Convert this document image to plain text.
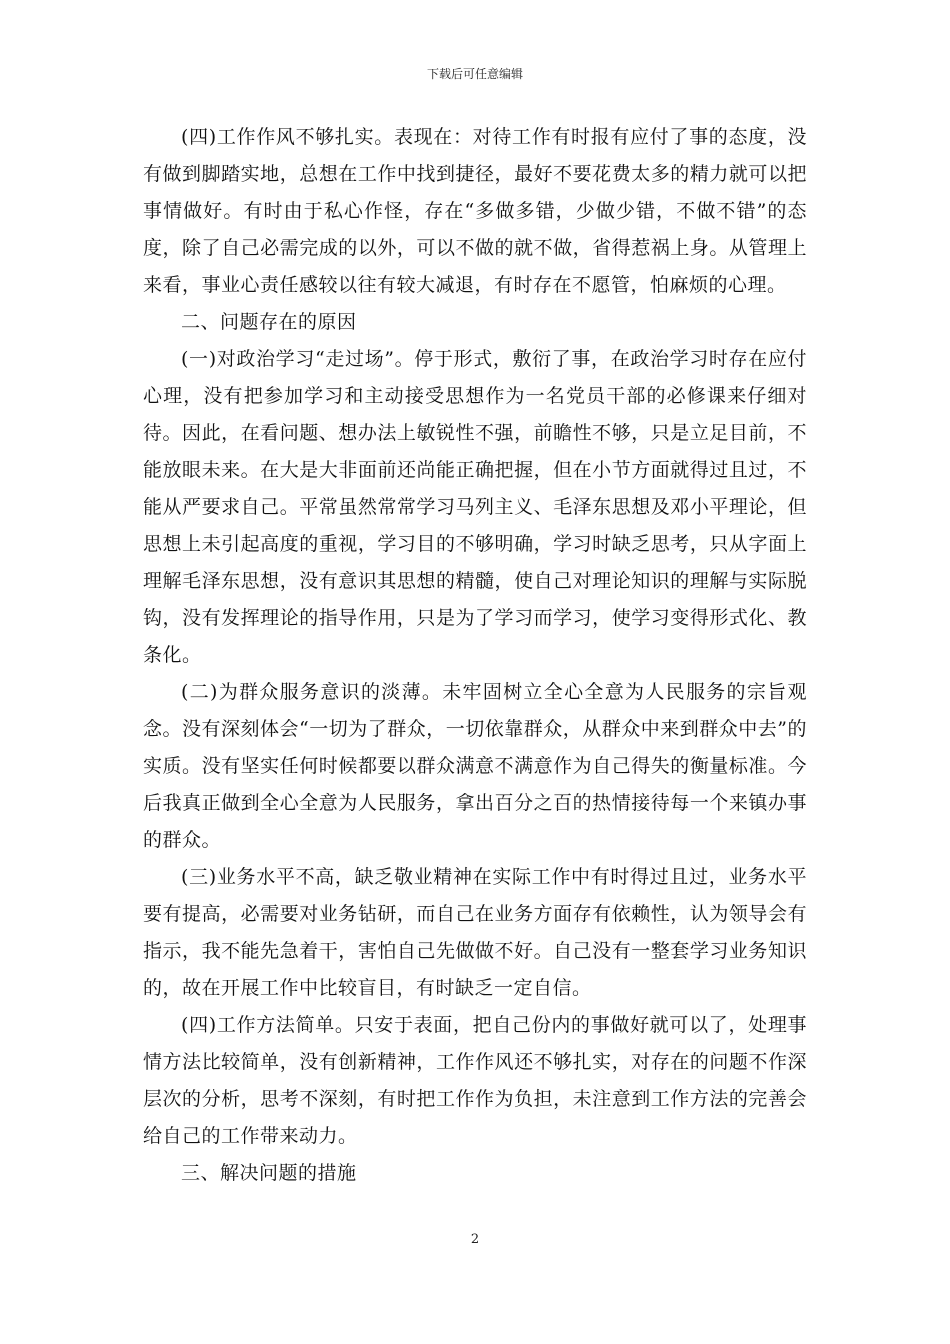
下载后可任意编辑

(四)工作作风不够扎实。表现在：对待工作有时报有应付了事的态度，没有做到脚踏实地，总想在工作中找到捷径，最好不要花费太多的精力就可以把事情做好。有时由于私心作怪，存在“多做多错，少做少错，不做不错”的态度，除了自己必需完成的以外，可以不做的就不做，省得惹祸上身。从管理上来看，事业心责任感较以往有较大减退，有时存在不愿管，怕麻烦的心理。

二、问题存在的原因

(一)对政治学习“走过场”。停于形式，敷衍了事，在政治学习时存在应付心理，没有把参加学习和主动接受思想作为一名党员干部的必修课来仔细对待。因此，在看问题、想办法上敏锐性不强，前瞻性不够，只是立足目前，不能放眼未来。在大是大非面前还尚能正确把握，但在小节方面就得过且过，不能从严要求自己。平常虽然常常学习马列主义、毛泽东思想及邓小平理论，但思想上未引起高度的重视，学习目的不够明确，学习时缺乏思考，只从字面上理解毛泽东思想，没有意识其思想的精髓，使自己对理论知识的理解与实际脱钩，没有发挥理论的指导作用，只是为了学习而学习，使学习变得形式化、教条化。

(二)为群众服务意识的淡薄。未牢固树立全心全意为人民服务的宗旨观念。没有深刻体会“一切为了群众，一切依靠群众，从群众中来到群众中去”的实质。没有坚实任何时候都要以群众满意不满意作为自己得失的衡量标准。今后我真正做到全心全意为人民服务，拿出百分之百的热情接待每一个来镇办事的群众。

(三)业务水平不高，缺乏敬业精神在实际工作中有时得过且过，业务水平要有提高，必需要对业务钻研，而自己在业务方面存有依赖性，认为领导会有指示，我不能先急着干，害怕自己先做做不好。自己没有一整套学习业务知识的，故在开展工作中比较盲目，有时缺乏一定自信。

(四)工作方法简单。只安于表面，把自己份内的事做好就可以了，处理事情方法比较简单，没有创新精神，工作作风还不够扎实，对存在的问题不作深层次的分析，思考不深刻，有时把工作作为负担，未注意到工作方法的完善会给自己的工作带来动力。

三、解决问题的措施

2
